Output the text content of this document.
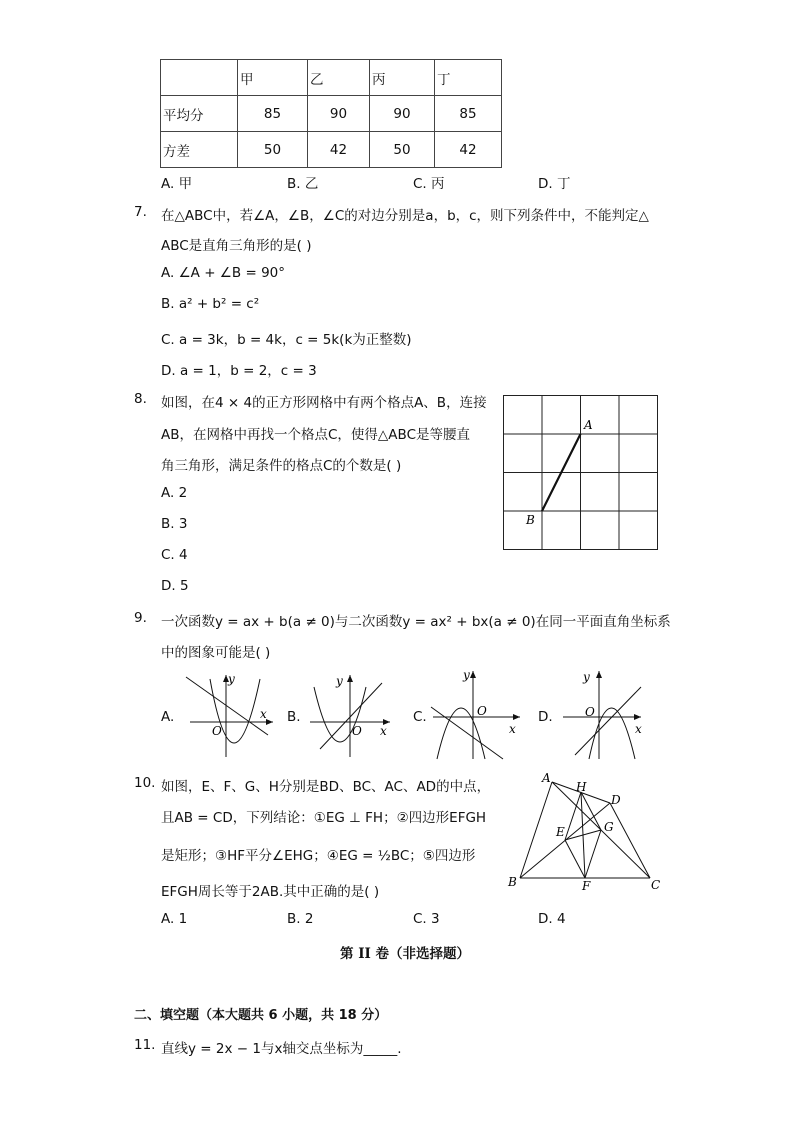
	甲	乙	丙	丁
平均分	85	90	90	85
方差	50	42	50	42
A. 甲	B. 乙	C. 丙	D. 丁
7. 在△ABC中，若∠A，∠B，∠C的对边分别是a，b，c，则下列条件中，不能判定△
ABC是直角三角形的是( )
A. ∠A + ∠B = 90°
B. a² + b² = c²
C. a = 3k，b = 4k，c = 5k(k为正整数)
D. a = 1，b = 2，c = 3
8. 如图，在4 × 4的正方形网格中有两个格点A、B，连接
AB，在网格中再找一个格点C，使得△ABC是等腰直
角三角形，满足条件的格点C的个数是( )
A. 2
B. 3
C. 4
D. 5
A
B
9. 一次函数y = ax + b(a ≠ 0)与二次函数y = ax² + bx(a ≠ 0)在同一平面直角坐标系
中的图象可能是( )
A.
y
x
O
B.
y
x
O
C.
y
x
O	D.
y
x
O
10. 如图，E、F、G、H分别是BD、BC、AC、AD的中点，
且AB = CD，下列结论：①EG ⊥ FH；②四边形EFGH
是矩形；③HF平分∠EHG；④EG = ½BC；⑤四边形
EFGH周长等于2AB.其中正确的是( )
A. 1	B. 2	C. 3	D. 4
A
B	C
D
E
F
G
H
第 II 卷（非选择题）
二、填空题（本大题共 6 小题，共 18 分）
11. 直线y = 2x − 1与x轴交点坐标为_____.
